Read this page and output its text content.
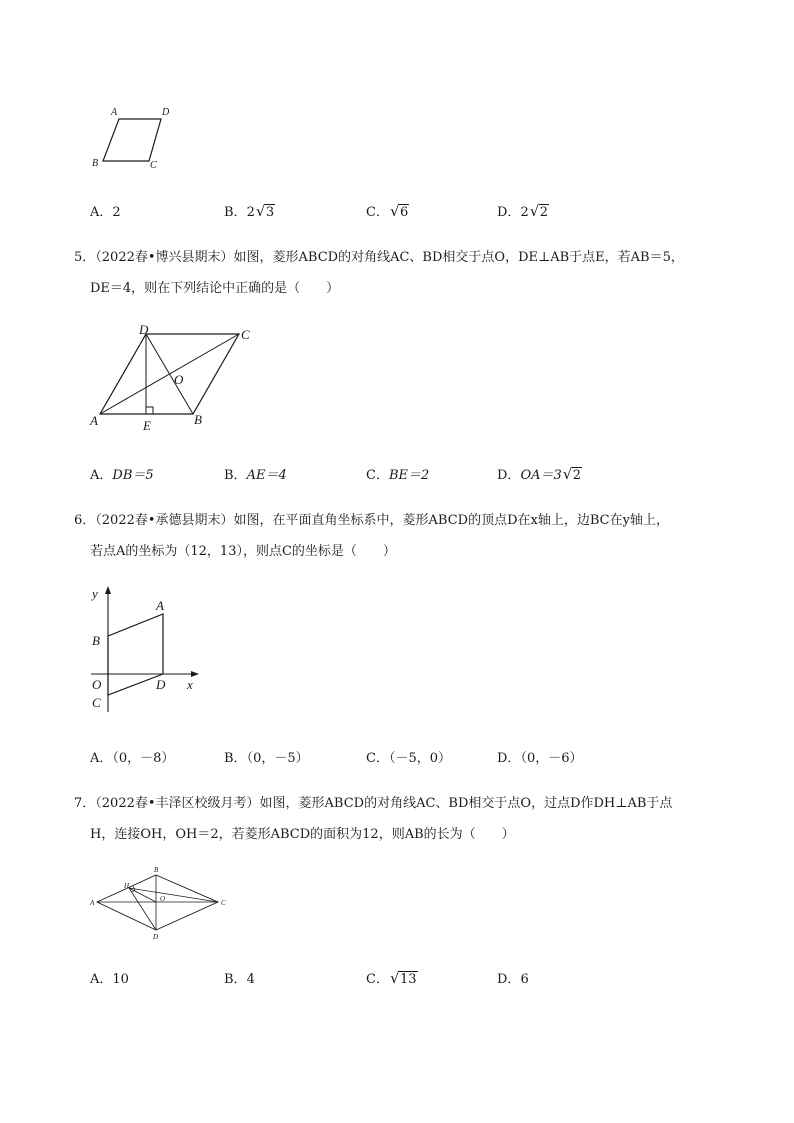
A	D
B	C
A．2	B．2 √ 3	C． √ 6	D．2 √ 2
5．（2022春•博兴县期末）如图，菱形ABCD的对角线AC、BD相交于点O，DE⊥AB于点E，若AB＝5，
DE＝4，则在下列结论中正确的是（　　）
D	C
O
A	E	B
A．DB＝5	B．AE＝4	C．BE＝2	D．OA＝3 √ 2
6．（2022春•承德县期末）如图，在平面直角坐标系中，菱形ABCD的顶点D在x轴上，边BC在y轴上，
若点A的坐标为（12，13），则点C的坐标是（　　）
y
A
B
O	D x
C
A．（0，－8）	B．（0，－5）	C．（－5，0）	D．（0，－6）
7．（2022春•丰泽区校级月考）如图，菱形ABCD的对角线AC、BD相交于点O，过点D作DH⊥AB于点
H，连接OH，OH＝2，若菱形ABCD的面积为12，则AB的长为（　　）
B
H
A	O	C
D
A．10	B．4	C． √ 13	D．6
